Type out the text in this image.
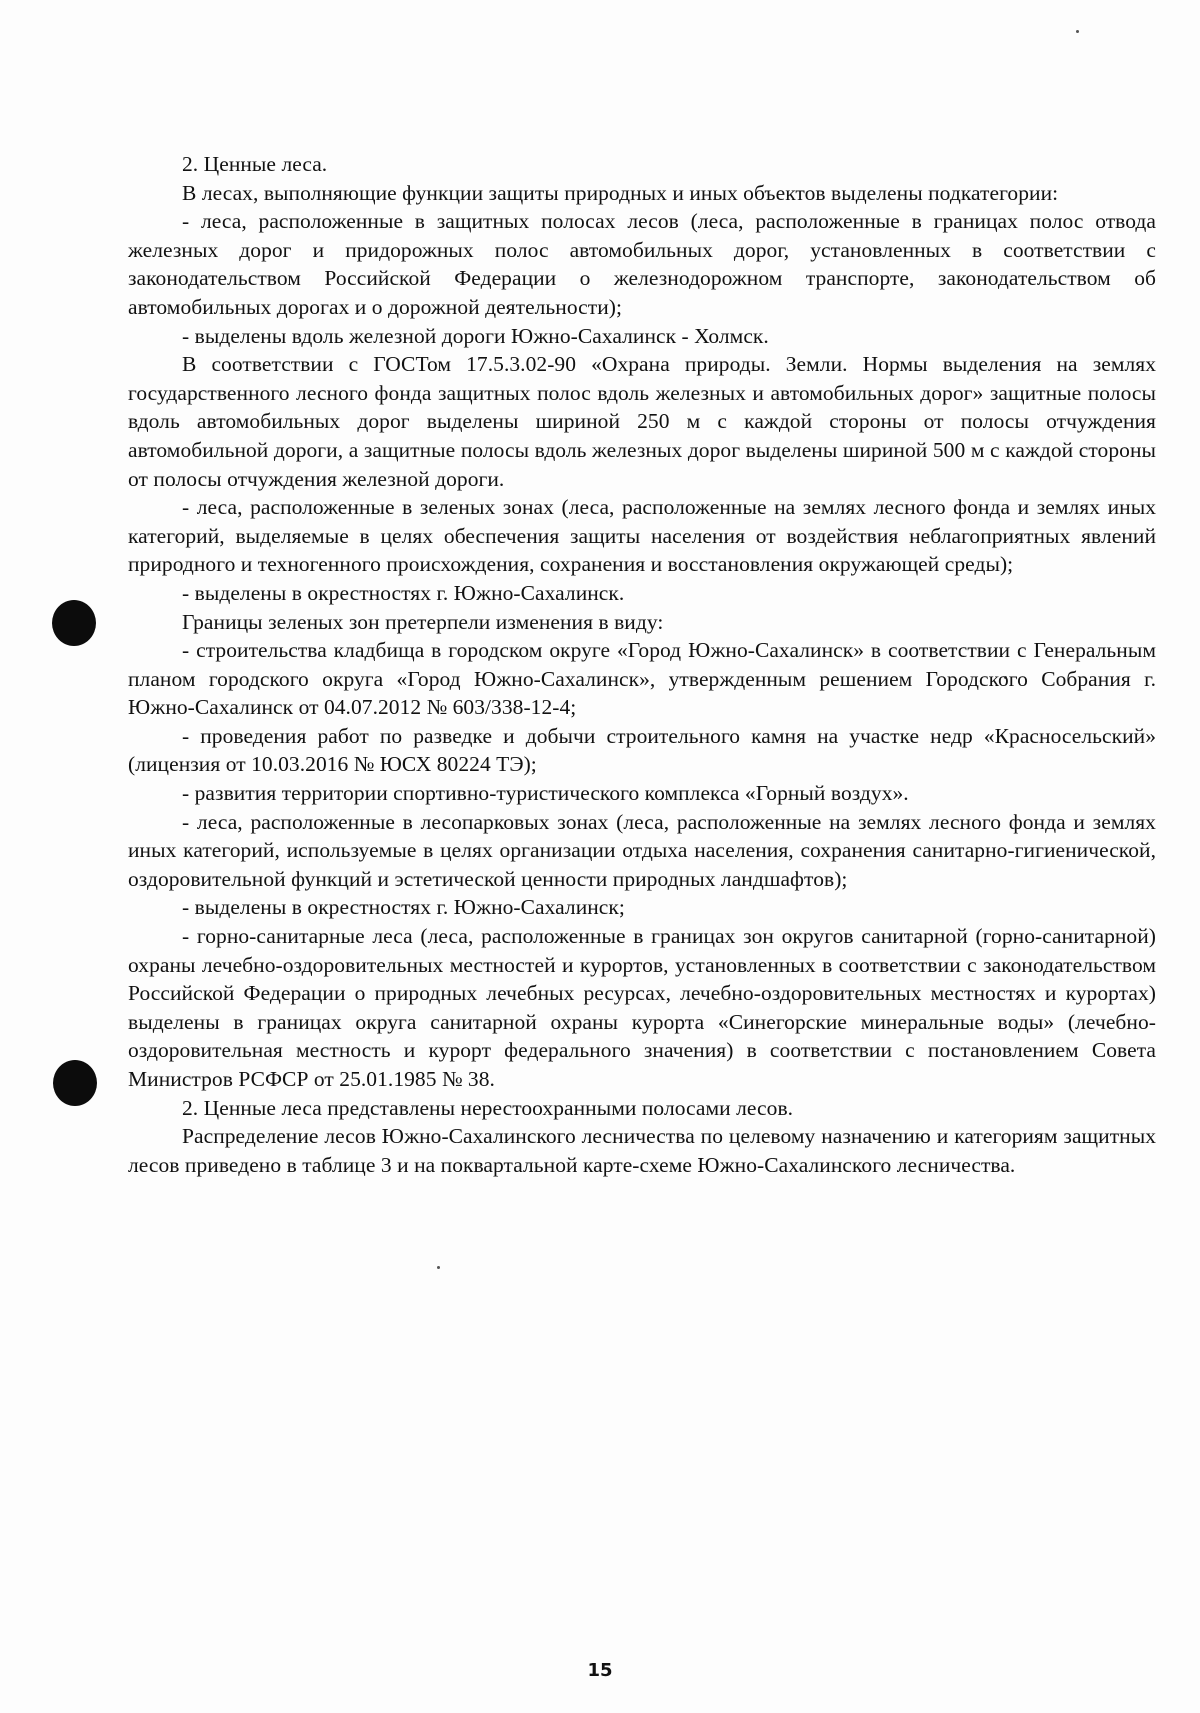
2. Ценные леса.

В лесах, выполняющие функции защиты природных и иных объектов выделены подкатегории:

- леса, расположенные в защитных полосах лесов (леса, расположенные в границах полос отвода железных дорог и придорожных полос автомобильных дорог, установленных в соответствии с законодательством Российской Федерации о железнодорожном транспорте, законодательством об автомобильных дорогах и о дорожной деятельности);

- выделены вдоль железной дороги Южно-Сахалинск - Холмск.

В соответствии с ГОСТом 17.5.3.02-90 «Охрана природы. Земли. Нормы выделения на землях государственного лесного фонда защитных полос вдоль железных и автомобильных дорог» защитные полосы вдоль автомобильных дорог выделены шириной 250 м с каждой стороны от полосы отчуждения автомобильной дороги, а защитные полосы вдоль железных дорог выделены шириной 500 м с каждой стороны от полосы отчуждения железной дороги.

- леса, расположенные в зеленых зонах (леса, расположенные на землях лесного фонда и землях иных категорий, выделяемые в целях обеспечения защиты населения от воздействия неблагоприятных явлений природного и техногенного происхождения, сохранения и восстановления окружающей среды);

- выделены в окрестностях г. Южно-Сахалинск.

Границы зеленых зон претерпели изменения в виду:

- строительства кладбища в городском округе «Город Южно-Сахалинск» в соответствии с Генеральным планом городского округа «Город Южно-Сахалинск», утвержденным решением Городского Собрания г. Южно-Сахалинск от 04.07.2012 № 603/338-12-4;

- проведения работ по разведке и добычи строительного камня на участке недр «Красносельский» (лицензия от 10.03.2016 № ЮСХ 80224 ТЭ);

- развития территории спортивно-туристического комплекса «Горный воздух».

- леса, расположенные в лесопарковых зонах (леса, расположенные на землях лесного фонда и землях иных категорий, используемые в целях организации отдыха населения, сохранения санитарно-гигиенической, оздоровительной функций и эстетической ценности природных ландшафтов);

- выделены в окрестностях г. Южно-Сахалинск;

- горно-санитарные леса (леса, расположенные в границах зон округов санитарной (горно-санитарной) охраны лечебно-оздоровительных местностей и курортов, установленных в соответствии с законодательством Российской Федерации о природных лечебных ресурсах, лечебно-оздоровительных местностях и курортах) выделены в границах округа санитарной охраны курорта «Синегорские минеральные воды» (лечебно-оздоровительная местность и курорт федерального значения) в соответствии с постановлением Совета Министров РСФСР от 25.01.1985 № 38.

2. Ценные леса представлены нерестоохранными полосами лесов.

Распределение лесов Южно-Сахалинского лесничества по целевому назначению и категориям защитных лесов приведено в таблице 3 и на поквартальной карте-схеме Южно-Сахалинского лесничества.

15
